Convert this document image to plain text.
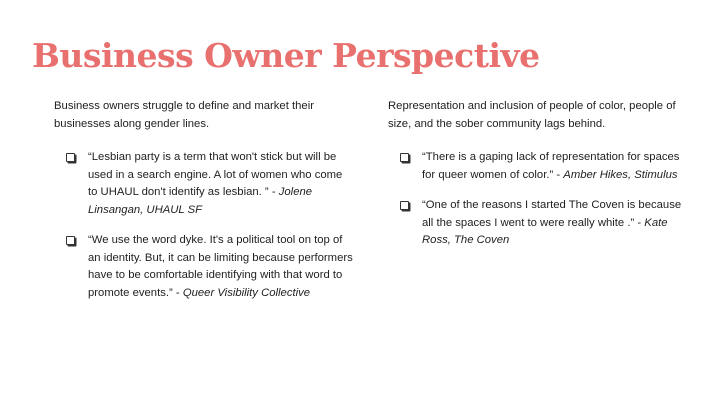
Business Owner Perspective

Business owners struggle to define and market their businesses along gender lines.

“Lesbian party is a term that won't stick but will be used in a search engine. A lot of women who come to UHAUL don't identify as lesbian. ” - Jolene Linsangan, UHAUL SF
“We use the word dyke. It's a political tool on top of an identity. But, it can be limiting because performers have to be comfortable identifying with that word to promote events.” - Queer Visibility Collective

Representation and inclusion of people of color, people of size, and the sober community lags behind.

“There is a gaping lack of representation for spaces for queer women of color.” - Amber Hikes, Stimulus
“One of the reasons I started The Coven is because all the spaces I went to were really white .” - Kate Ross, The Coven
